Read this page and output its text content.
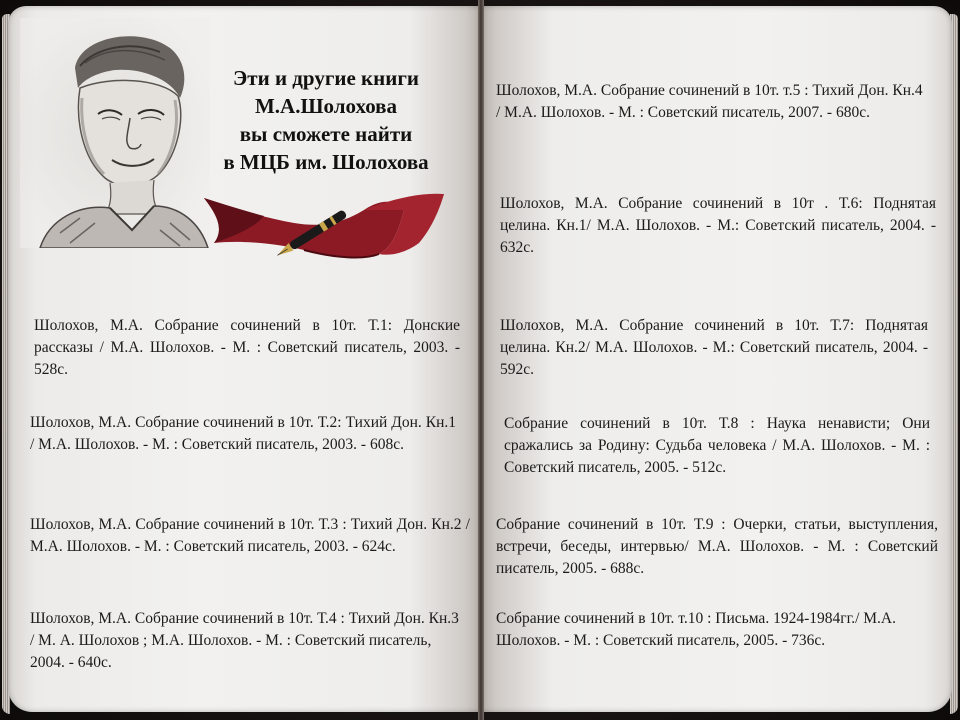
Эти и другие книги
М.А.Шолохова
вы сможете найти
в МЦБ им. Шолохова
Шолохов, М.А. Собрание сочинений в 10т. Т.1: Донские рассказы / М.А. Шолохов. - М. : Советский писатель, 2003. - 528с.
Шолохов, М.А. Собрание сочинений в 10т. Т.2: Тихий Дон. Кн.1 / М.А. Шолохов. - М. : Советский писатель, 2003. - 608с.
Шолохов, М.А. Собрание сочинений в 10т. Т.3 : Тихий Дон. Кн.2 / М.А. Шолохов. - М. : Советский писатель, 2003. - 624с.
Шолохов, М.А. Собрание сочинений в 10т. Т.4 : Тихий Дон. Кн.3 / М. А. Шолохов ; М.А. Шолохов. - М. : Советский писатель, 2004. - 640с.
Шолохов, М.А. Собрание сочинений в 10т. т.5 : Тихий Дон. Кн.4 / М.А. Шолохов. - М. : Советский писатель, 2007. - 680с.
Шолохов, М.А. Собрание сочинений в 10т . Т.6: Поднятая целина. Кн.1/ М.А. Шолохов. - М.: Советский писатель, 2004. - 632с.
Шолохов, М.А. Собрание сочинений в 10т. Т.7: Поднятая целина. Кн.2/ М.А. Шолохов. - М.: Советский писатель, 2004. - 592с.
Собрание сочинений в 10т. Т.8 : Наука ненависти; Они сражались за Родину: Судьба человека / М.А. Шолохов. - М. : Советский писатель, 2005. - 512с.
Собрание сочинений в 10т. Т.9 : Очерки, статьи, выступления, встречи, беседы, интервью/ М.А. Шолохов. - М. : Советский писатель, 2005. - 688с.
Собрание сочинений в 10т. т.10 : Письма. 1924-1984гг./ М.А. Шолохов. - М. : Советский писатель, 2005. - 736с.
